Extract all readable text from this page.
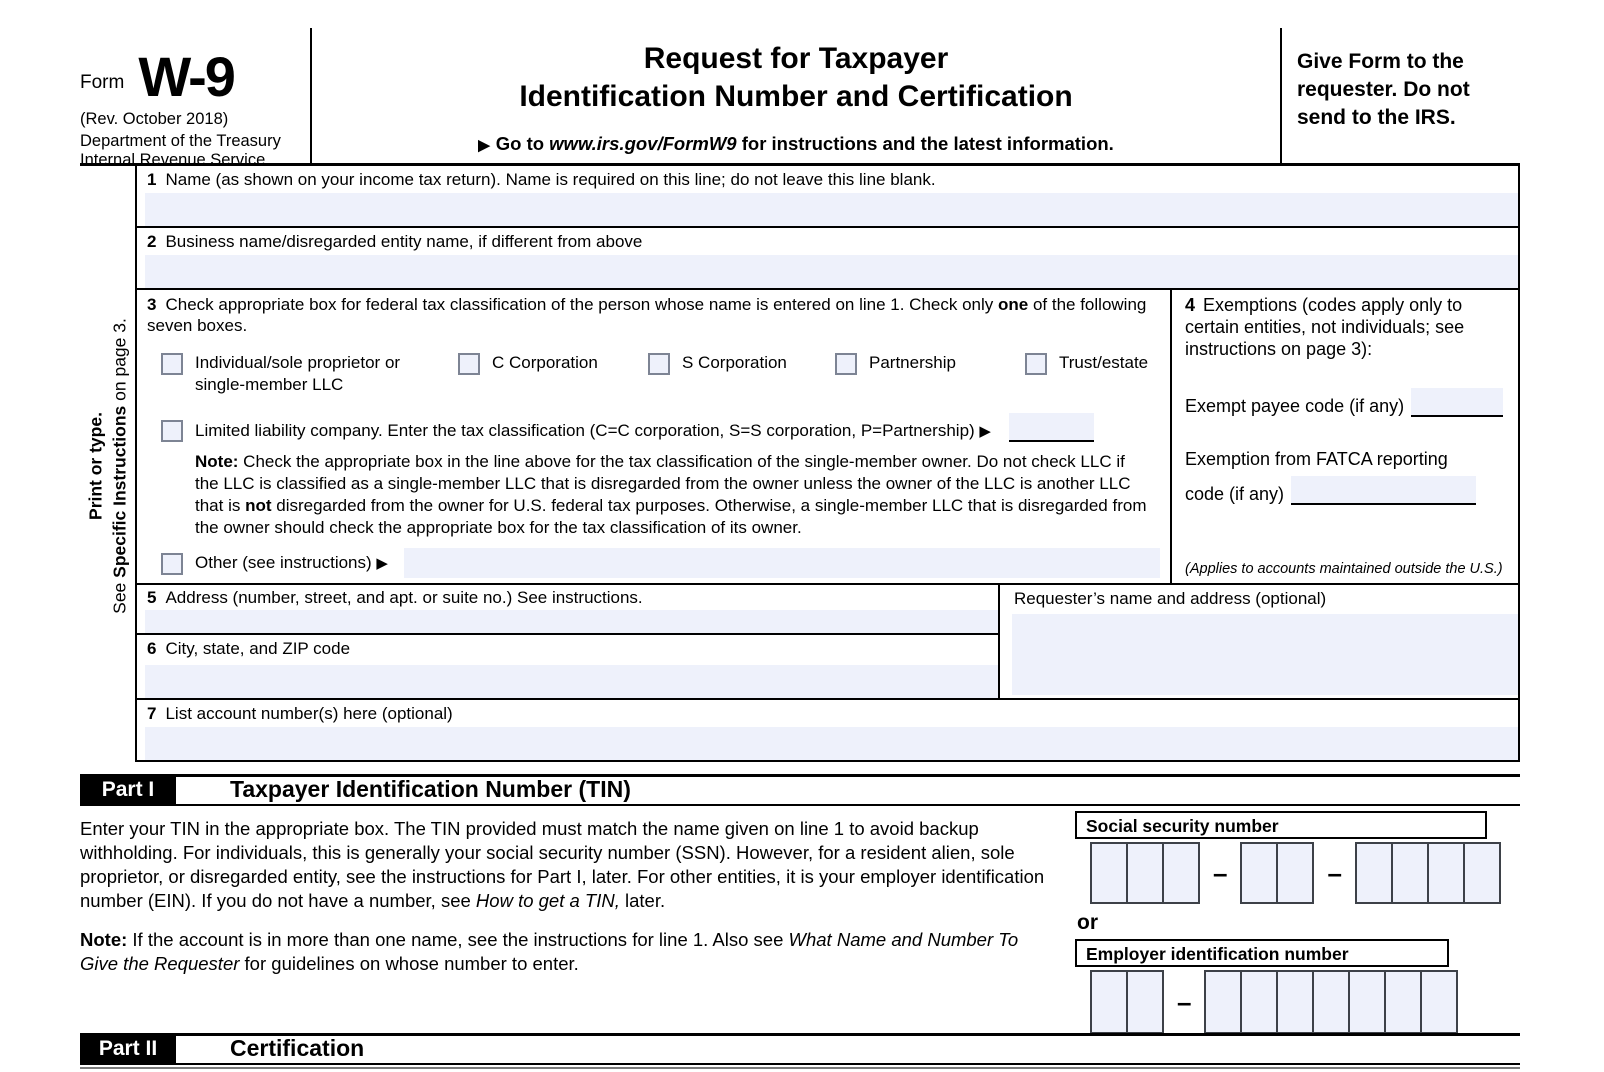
Form W-9
(Rev. October 2018)
Department of the Treasury
Internal Revenue Service
Request for Taxpayer
Identification Number and Certification
▶ Go to www.irs.gov/FormW9 for instructions and the latest information.
Give Form to the requester. Do not send to the IRS.
Print or type.
See Specific Instructions on page 3.
1 Name (as shown on your income tax return). Name is required on this line; do not leave this line blank.
2 Business name/disregarded entity name, if different from above
3 Check appropriate box for federal tax classification of the person whose name is entered on line 1. Check only one of the following seven boxes.
Individual/sole proprietor or single-member LLC
C Corporation	S Corporation	Partnership	Trust/estate
Limited liability company. Enter the tax classification (C=C corporation, S=S corporation, P=Partnership) ▶
Note: Check the appropriate box in the line above for the tax classification of the single-member owner. Do not check LLC if the LLC is classified as a single-member LLC that is disregarded from the owner unless the owner of the LLC is another LLC that is not disregarded from the owner for U.S. federal tax purposes. Otherwise, a single-member LLC that is disregarded from the owner should check the appropriate box for the tax classification of its owner.
Other (see instructions) ▶
4 Exemptions (codes apply only to certain entities, not individuals; see instructions on page 3):
Exempt payee code (if any)
Exemption from FATCA reporting
code (if any)
(Applies to accounts maintained outside the U.S.)
5 Address (number, street, and apt. or suite no.) See instructions.
6 City, state, and ZIP code
Requester’s name and address (optional)
7 List account number(s) here (optional)
Part I	Taxpayer Identification Number (TIN)

Enter your TIN in the appropriate box. The TIN provided must match the name given on line 1 to avoid backup withholding. For individuals, this is generally your social security number (SSN). However, for a resident alien, sole proprietor, or disregarded entity, see the instructions for Part I, later. For other entities, it is your employer identification number (EIN). If you do not have a number, see How to get a TIN, later.

Note: If the account is in more than one name, see the instructions for line 1. Also see What Name and Number To Give the Requester for guidelines on whose number to enter.

Social security number
–	–
or
Employer identification number
–
Part II	Certification
